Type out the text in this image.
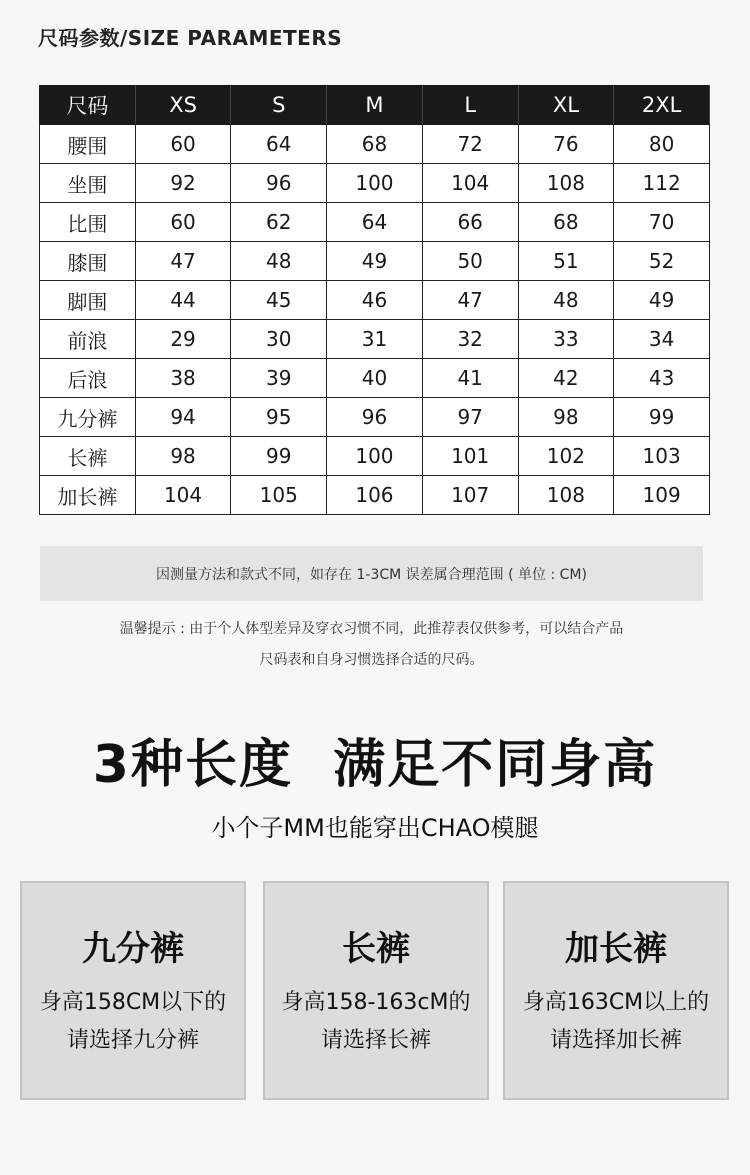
尺码参数/SIZE PARAMETERS
尺码	XS	S	M	L	XL	2XL
腰围	60	64	68	72	76	80
坐围	92	96	100	104	108	112
比围	60	62	64	66	68	70
膝围	47	48	49	50	51	52
脚围	44	45	46	47	48	49
前浪	29	30	31	32	33	34
后浪	38	39	40	41	42	43
九分裤	94	95	96	97	98	99
长裤	98	99	100	101	102	103
加长裤	104	105	106	107	108	109
因测量方法和款式不同，如存在 1-3CM 误差属合理范围 ( 单位 : CM)
温馨提示 : 由于个人体型差异及穿衣习惯不同，此推荐表仅供参考，可以结合产品
尺码表和自身习惯选择合适的尺码。
3种长度  满足不同身高
小个子MM也能穿出CHAO模腿
九分裤
身高158CM以下的
请选择九分裤
长裤
身高158-163cM的
请选择长裤
加长裤
身高163CM以上的
请选择加长裤
